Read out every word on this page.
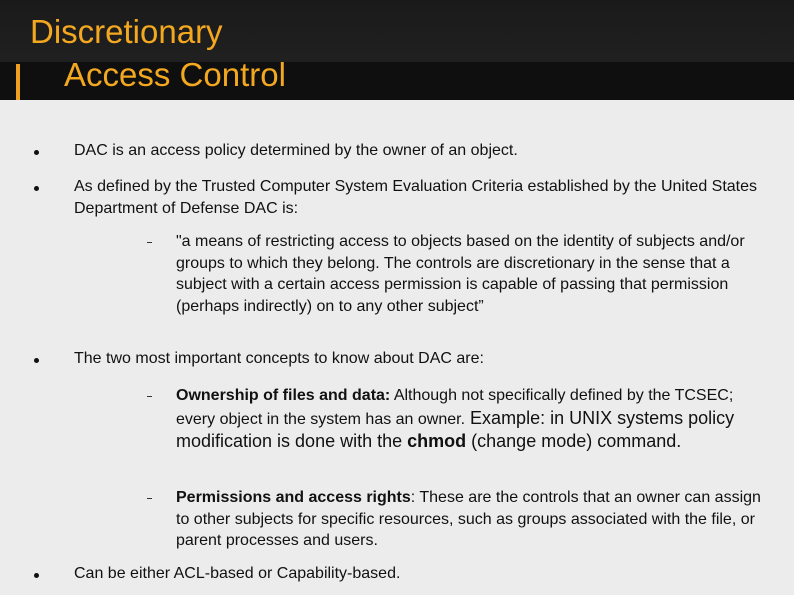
Discretionary
Access Control
DAC is an access policy determined by the owner of an object.
As defined by the Trusted Computer System Evaluation Criteria established by the United States Department of Defense DAC is:
"a means of restricting access to objects based on the identity of subjects and/or groups to which they belong. The controls are discretionary in the sense that a subject with a certain access permission is capable of passing that permission (perhaps indirectly) on to any other subject”
The two most important concepts to know about DAC are:
Ownership of files and data: Although not specifically defined by the TCSEC; every object in the system has an owner. Example: in UNIX systems policy modification is done with the chmod (change mode) command.
Permissions and access rights: These are the controls that an owner can assign to other subjects for specific resources, such as groups associated with the file, or parent processes and users.
Can be either ACL-based or Capability-based.
